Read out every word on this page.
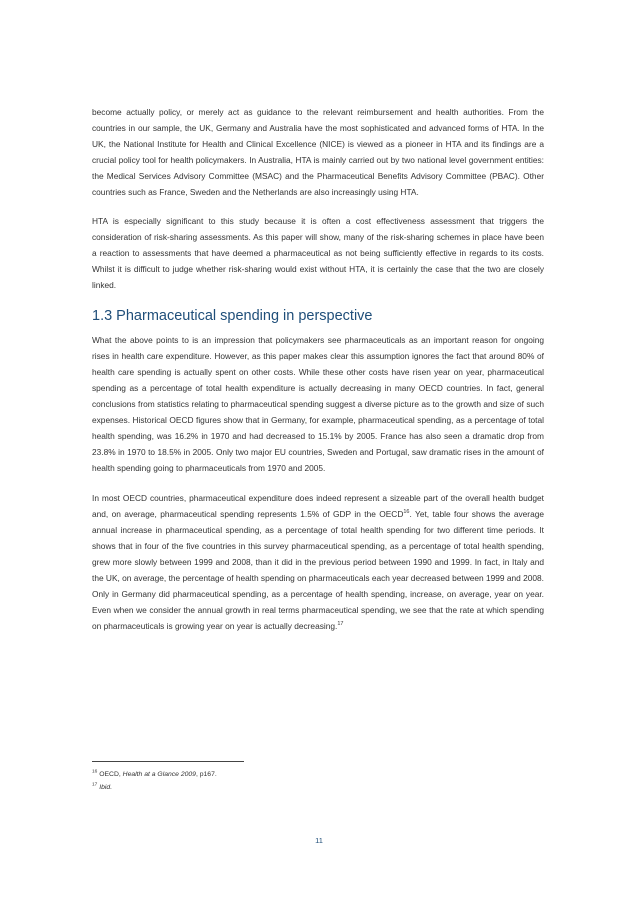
become actually policy, or merely act as guidance to the relevant reimbursement and health authorities. From the countries in our sample, the UK, Germany and Australia have the most sophisticated and advanced forms of HTA. In the UK, the National Institute for Health and Clinical Excellence (NICE) is viewed as a pioneer in HTA and its findings are a crucial policy tool for health policymakers. In Australia, HTA is mainly carried out by two national level government entities: the Medical Services Advisory Committee (MSAC) and the Pharmaceutical Benefits Advisory Committee (PBAC). Other countries such as France, Sweden and the Netherlands are also increasingly using HTA.

HTA is especially significant to this study because it is often a cost effectiveness assessment that triggers the consideration of risk-sharing assessments. As this paper will show, many of the risk-sharing schemes in place have been a reaction to assessments that have deemed a pharmaceutical as not being sufficiently effective in regards to its costs. Whilst it is difficult to judge whether risk-sharing would exist without HTA, it is certainly the case that the two are closely linked.

1.3 Pharmaceutical spending in perspective

What the above points to is an impression that policymakers see pharmaceuticals as an important reason for ongoing rises in health care expenditure. However, as this paper makes clear this assumption ignores the fact that around 80% of health care spending is actually spent on other costs. While these other costs have risen year on year, pharmaceutical spending as a percentage of total health expenditure is actually decreasing in many OECD countries. In fact, general conclusions from statistics relating to pharmaceutical spending suggest a diverse picture as to the growth and size of such expenses. Historical OECD figures show that in Germany, for example, pharmaceutical spending, as a percentage of total health spending, was 16.2% in 1970 and had decreased to 15.1% by 2005. France has also seen a dramatic drop from 23.8% in 1970 to 18.5% in 2005. Only two major EU countries, Sweden and Portugal, saw dramatic rises in the amount of health spending going to pharmaceuticals from 1970 and 2005.

In most OECD countries, pharmaceutical expenditure does indeed represent a sizeable part of the overall health budget and, on average, pharmaceutical spending represents 1.5% of GDP in the OECD$^{16}$. Yet, table four shows the average annual increase in pharmaceutical spending, as a percentage of total health spending for two different time periods. It shows that in four of the five countries in this survey pharmaceutical spending, as a percentage of total health spending, grew more slowly between 1999 and 2008, than it did in the previous period between 1990 and 1999. In fact, in Italy and the UK, on average, the percentage of health spending on pharmaceuticals each year decreased between 1999 and 2008. Only in Germany did pharmaceutical spending, as a percentage of health spending, increase, on average, year on year. Even when we consider the annual growth in real terms pharmaceutical spending, we see that the rate at which spending on pharmaceuticals is growing year on year is actually decreasing.$^{17}$

$^{16}$ OECD, Health at a Glance 2009, p167.

$^{17}$ Ibid.

11
